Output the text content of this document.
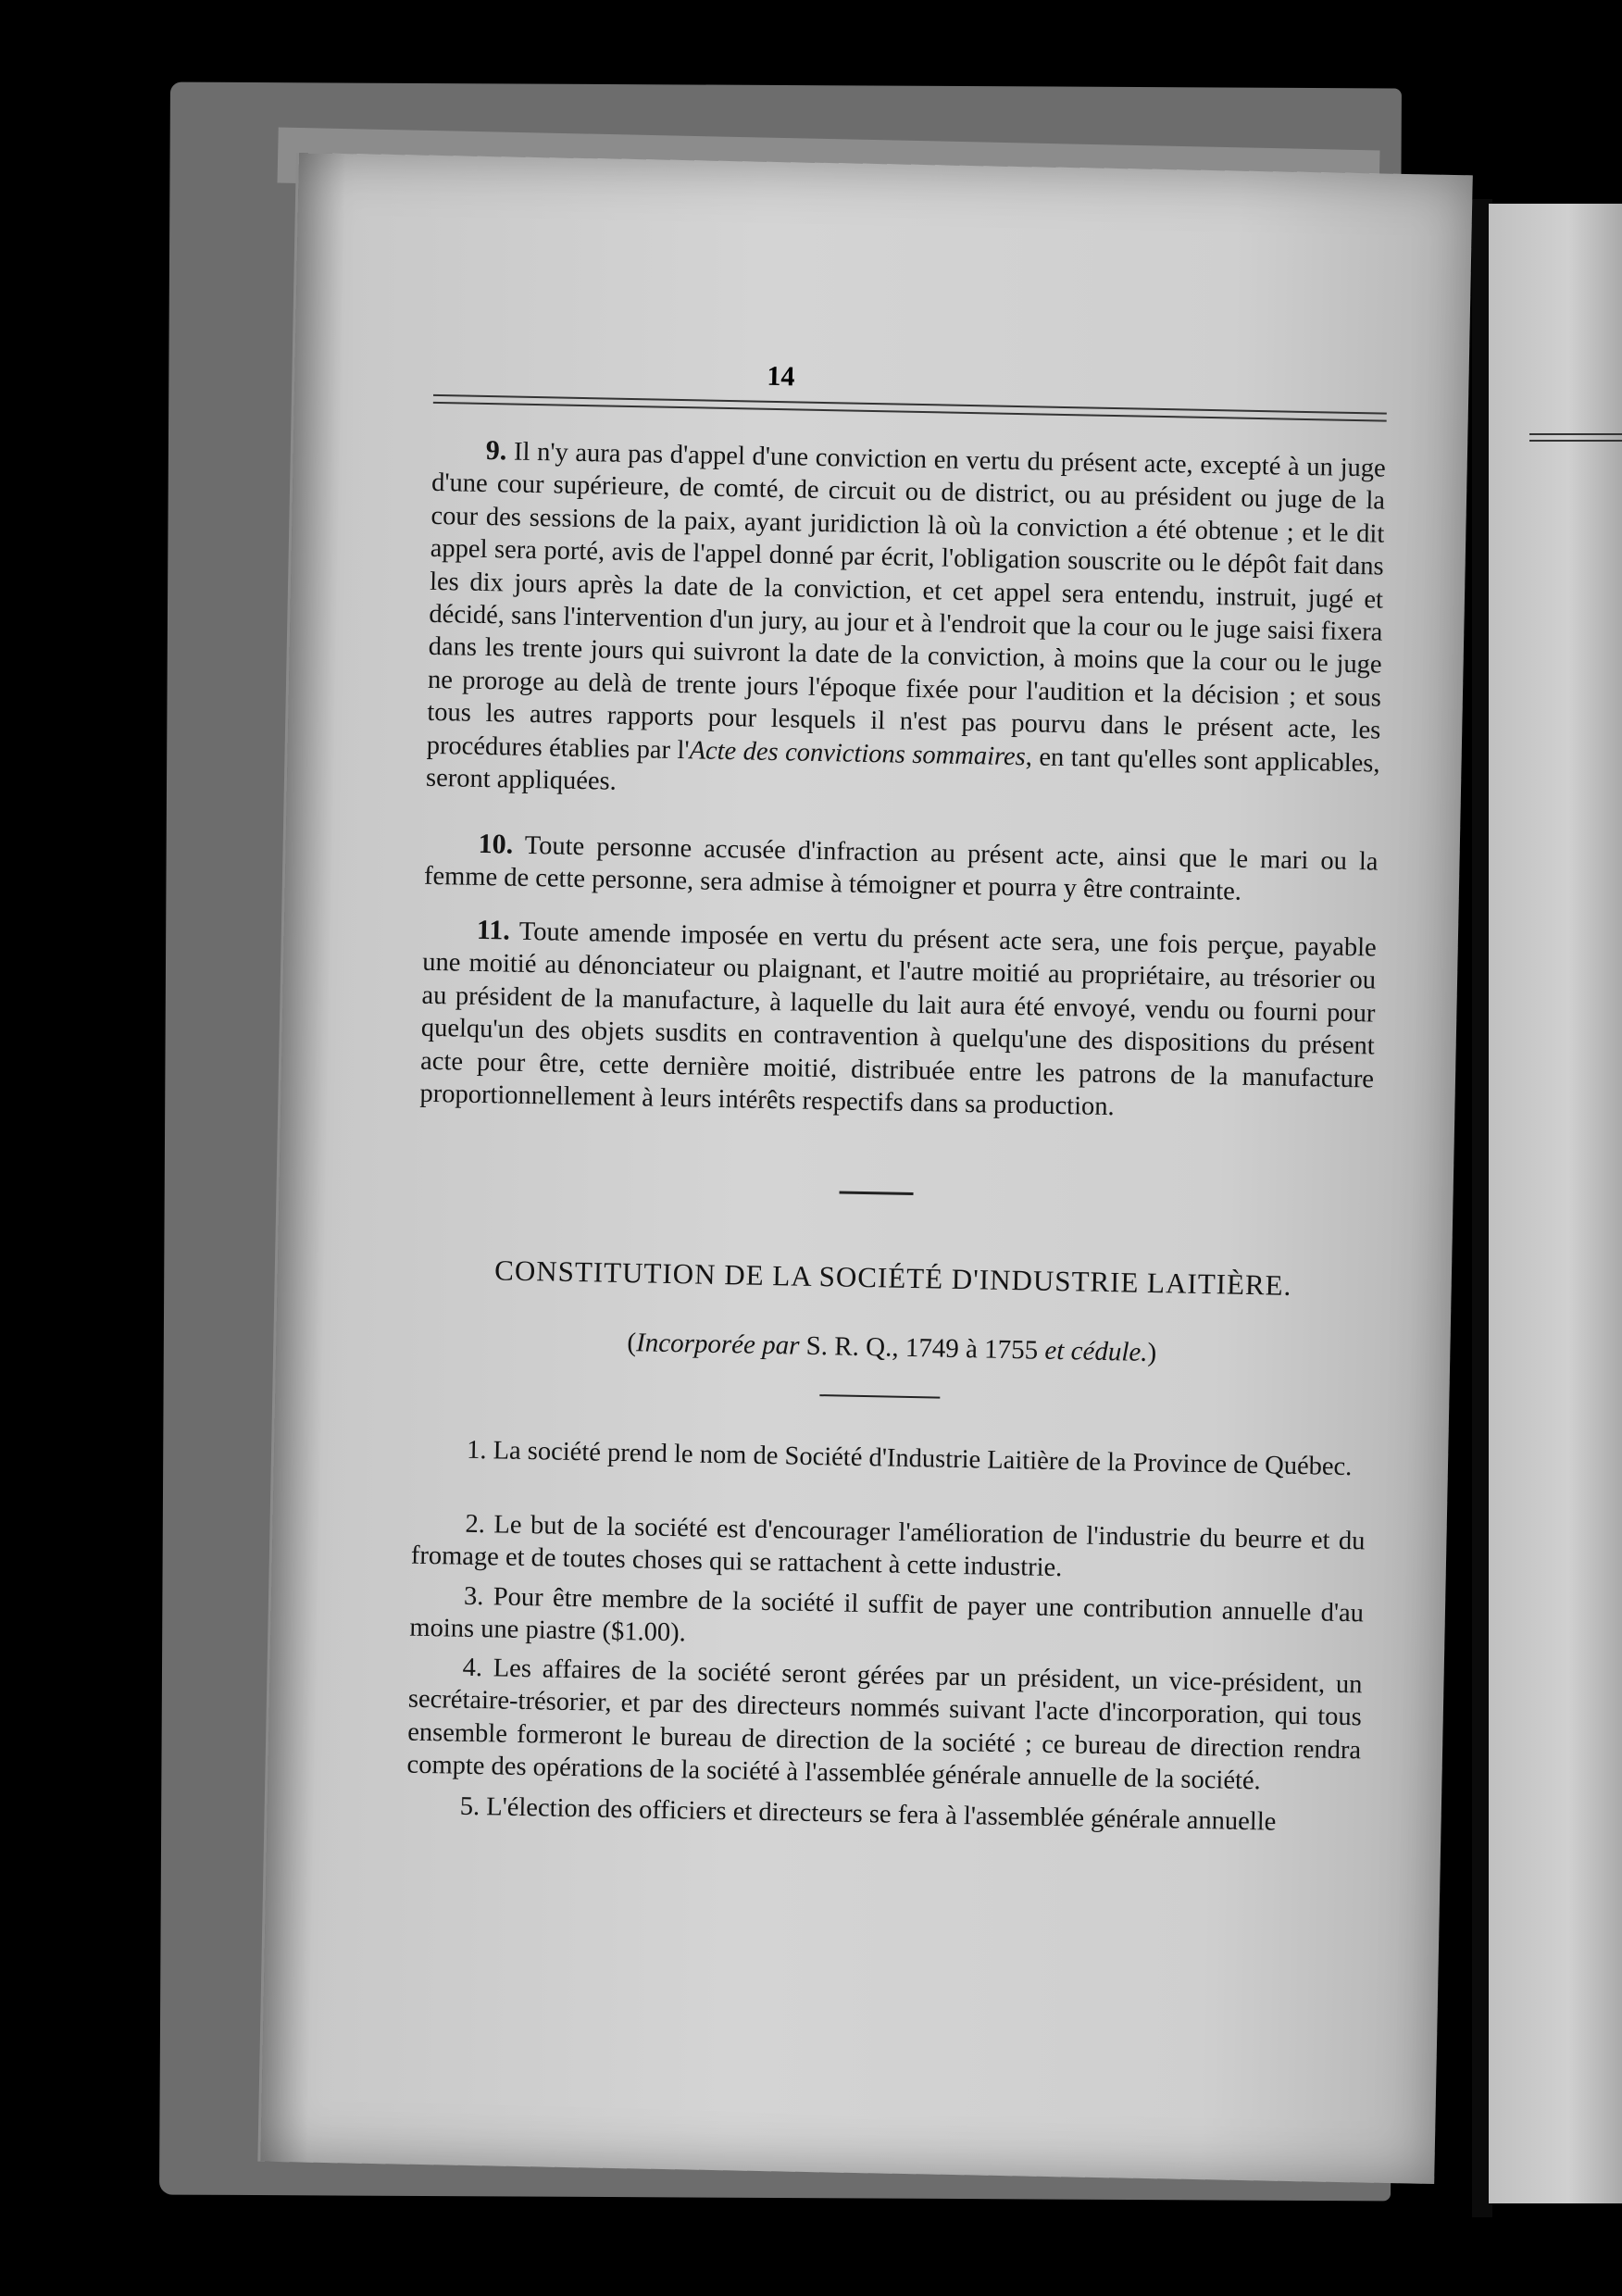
14

9. Il n'y aura pas d'appel d'une conviction en vertu du présent acte, excepté à un juge d'une cour supérieure, de comté, de circuit ou de district, ou au président ou juge de la cour des sessions de la paix, ayant juridiction là où la conviction a été obtenue ; et le dit appel sera porté, avis de l'appel donné par écrit, l'obligation souscrite ou le dépôt fait dans les dix jours après la date de la conviction, et cet appel sera entendu, instruit, jugé et décidé, sans l'intervention d'un jury, au jour et à l'endroit que la cour ou le juge saisi fixera dans les trente jours qui suivront la date de la conviction, à moins que la cour ou le juge ne proroge au delà de trente jours l'époque fixée pour l'audition et la décision ; et sous tous les autres rapports pour lesquels il n'est pas pourvu dans le présent acte, les procédures établies par l'Acte des convictions sommaires, en tant qu'elles sont applicables, seront appliquées.

10. Toute personne accusée d'infraction au présent acte, ainsi que le mari ou la femme de cette personne, sera admise à témoigner et pourra y être contrainte.

11. Toute amende imposée en vertu du présent acte sera, une fois perçue, payable une moitié au dénonciateur ou plaignant, et l'autre moitié au propriétaire, au trésorier ou au président de la manufacture, à laquelle du lait aura été envoyé, vendu ou fourni pour quelqu'un des objets susdits en contravention à quelqu'une des dispositions du présent acte pour être, cette dernière moitié, distribuée entre les patrons de la manufacture proportionnellement à leurs intérêts respectifs dans sa production.

CONSTITUTION DE LA SOCIÉTÉ D'INDUSTRIE LAITIÈRE.
(Incorporée par S. R. Q., 1749 à 1755 et cédule.)

1. La société prend le nom de Société d'Industrie Laitière de la Province de Québec.

2. Le but de la société est d'encourager l'amélioration de l'industrie du beurre et du fromage et de toutes choses qui se rattachent à cette industrie.

3. Pour être membre de la société il suffit de payer une contribution annuelle d'au moins une piastre ($1.00).

4. Les affaires de la société seront gérées par un président, un vice-président, un secrétaire-trésorier, et par des directeurs nommés suivant l'acte d'incorporation, qui tous ensemble formeront le bureau de direction de la société ; ce bureau de direction rendra compte des opérations de la société à l'assemblée générale annuelle de la société.

5. L'élection des officiers et directeurs se fera à l'assemblée générale annuelle
